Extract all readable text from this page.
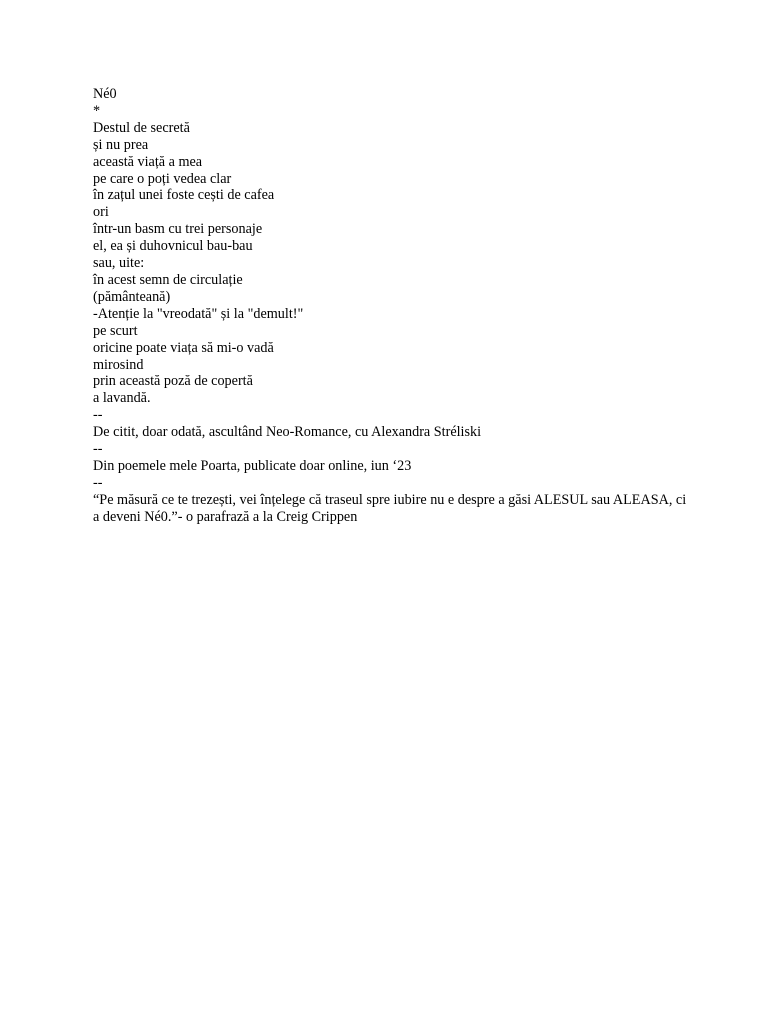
Né0
*
Destul de secretă
și nu prea
această viață a mea
pe care o poți vedea clar
în zațul unei foste cești de cafea
ori
într-un basm cu trei personaje
el, ea și duhovnicul bau-bau
sau, uite:
în acest semn de circulație
(pământeană)
-Atenție la "vreodată" și la "demult!"
pe scurt
oricine poate viața să mi-o vadă
mirosind
prin această poză de copertă
a lavandă.
--
De citit, doar odată, ascultând Neo-Romance, cu Alexandra Stréliski
--
Din poemele mele Poarta, publicate doar online, iun ‘23
--
“Pe măsură ce te trezești, vei înțelege că traseul spre iubire nu e despre a găsi ALESUL sau ALEASA, ci a deveni Né0.”- o parafrază a la Creig Crippen
